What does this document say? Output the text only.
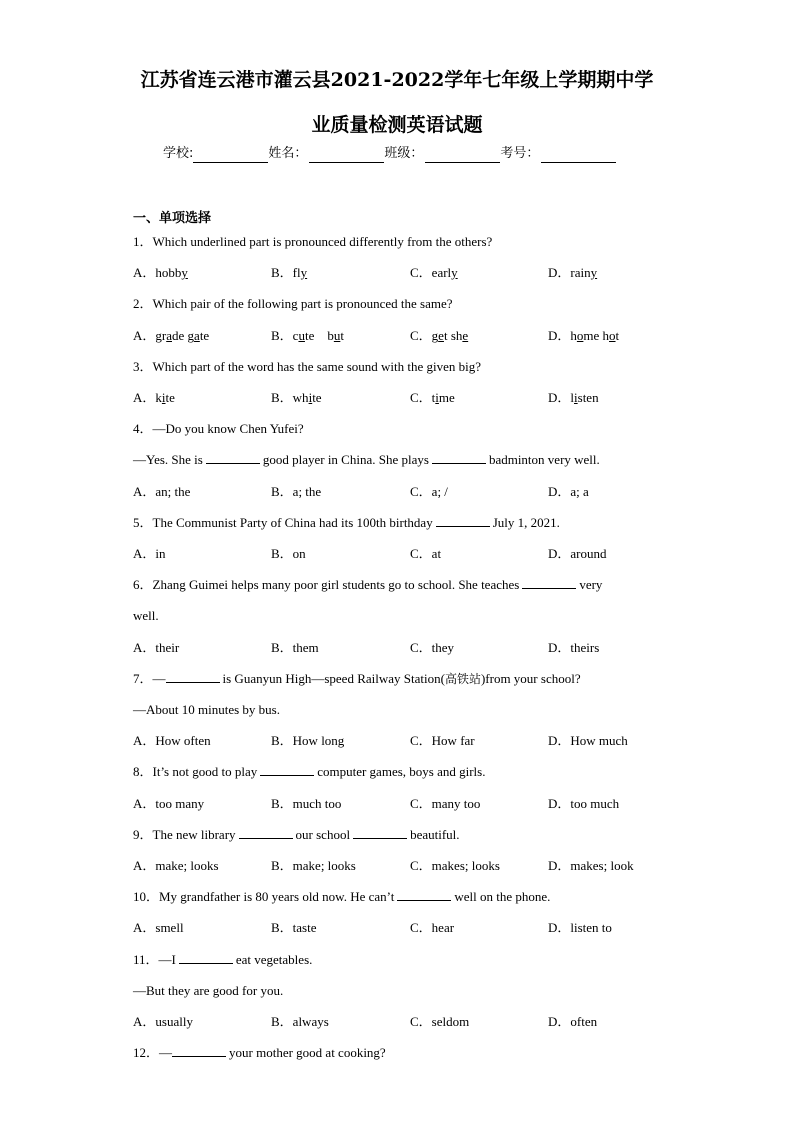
江苏省连云港市灌云县2021-2022学年七年级上学期期中学
业质量检测英语试题
学校:	姓名：	班级：	考号：
一、单项选择
1．Which underlined part is pronounced differently from the others?
A．hobby	B．fly	C．early	D．rainy
2．Which pair of the following part is pronounced the same?
A．grade gate	B．cute    but	C．get she	D．home hot
3．Which part of the word has the same sound with the given big?
A．kite	B．white	C．time	D．listen
4．—Do you know Chen Yufei?
—Yes. She is	good player in China. She plays	badminton very well.
A．an; the	B．a; the	C．a; /	D．a; a
5．The Communist Party of China had its 100th birthday	July 1, 2021.
A．in	B．on	C．at	D．around
6．Zhang Guimei helps many poor girl students go to school. She teaches	very
well.
A．their	B．them	C．they	D．theirs
7．—	is Guanyun High—speed Railway Station(高铁站)from your school?
—About 10 minutes by bus.
A．How often	B．How long	C．How far	D．How much
8．It’s not good to play	computer games, boys and girls.
A．too many	B．much too	C．many too	D．too much
9．The new library	our school	beautiful.
A．make; looks	B．make; looks	C．makes; looks	D．makes; look
10．My grandfather is 80 years old now. He can’t	well on the phone.
A．smell	B．taste	C．hear	D．listen to
11．—I	eat vegetables.
—But they are good for you.
A．usually	B．always	C．seldom	D．often
12．—	your mother good at cooking?
